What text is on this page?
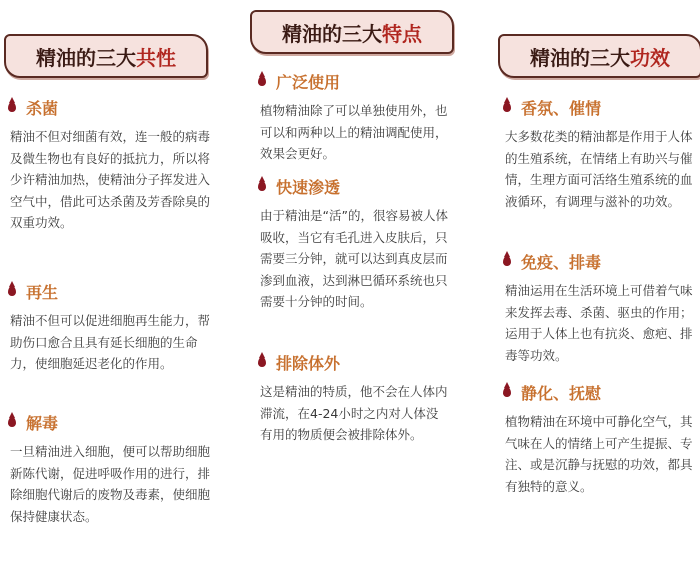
精油的三大 共性
杀菌
精油不但对细菌有效，连一般的病毒及微生物也有良好的抵抗力，所以将少许精油加热，使精油分子挥发进入空气中，借此可达杀菌及芳香除臭的双重功效。
再生
精油不但可以促进细胞再生能力，帮助伤口愈合且具有延长细胞的生命力，使细胞延迟老化的作用。
解毒
一旦精油进入细胞，便可以帮助细胞新陈代谢，促进呼吸作用的进行，排除细胞代谢后的废物及毒素，使细胞保持健康状态。
精油的三大 特点
广泛使用
植物精油除了可以单独使用外，也可以和两种以上的精油调配使用，效果会更好。
快速渗透
由于精油是“活”的，很容易被人体吸收，当它有毛孔进入皮肤后，只需要三分钟，就可以达到真皮层而渗到血液，达到淋巴循环系统也只需要十分钟的时间。
排除体外
这是精油的特质，他不会在人体内滞流，在4-24小时之内对人体没有用的物质便会被排除体外。
精油的三大 功效
香氛、催情
大多数花类的精油都是作用于人体的生殖系统，在情绪上有助兴与催情，生理方面可活络生殖系统的血液循环，有调理与滋补的功效。
免疫、排毒
精油运用在生活环境上可借着气味来发挥去毒、杀菌、驱虫的作用；运用于人体上也有抗炎、愈疤、排毒等功效。
静化、抚慰
植物精油在环境中可静化空气，其气味在人的情绪上可产生提振、专注、或是沉静与抚慰的功效，都具有独特的意义。
